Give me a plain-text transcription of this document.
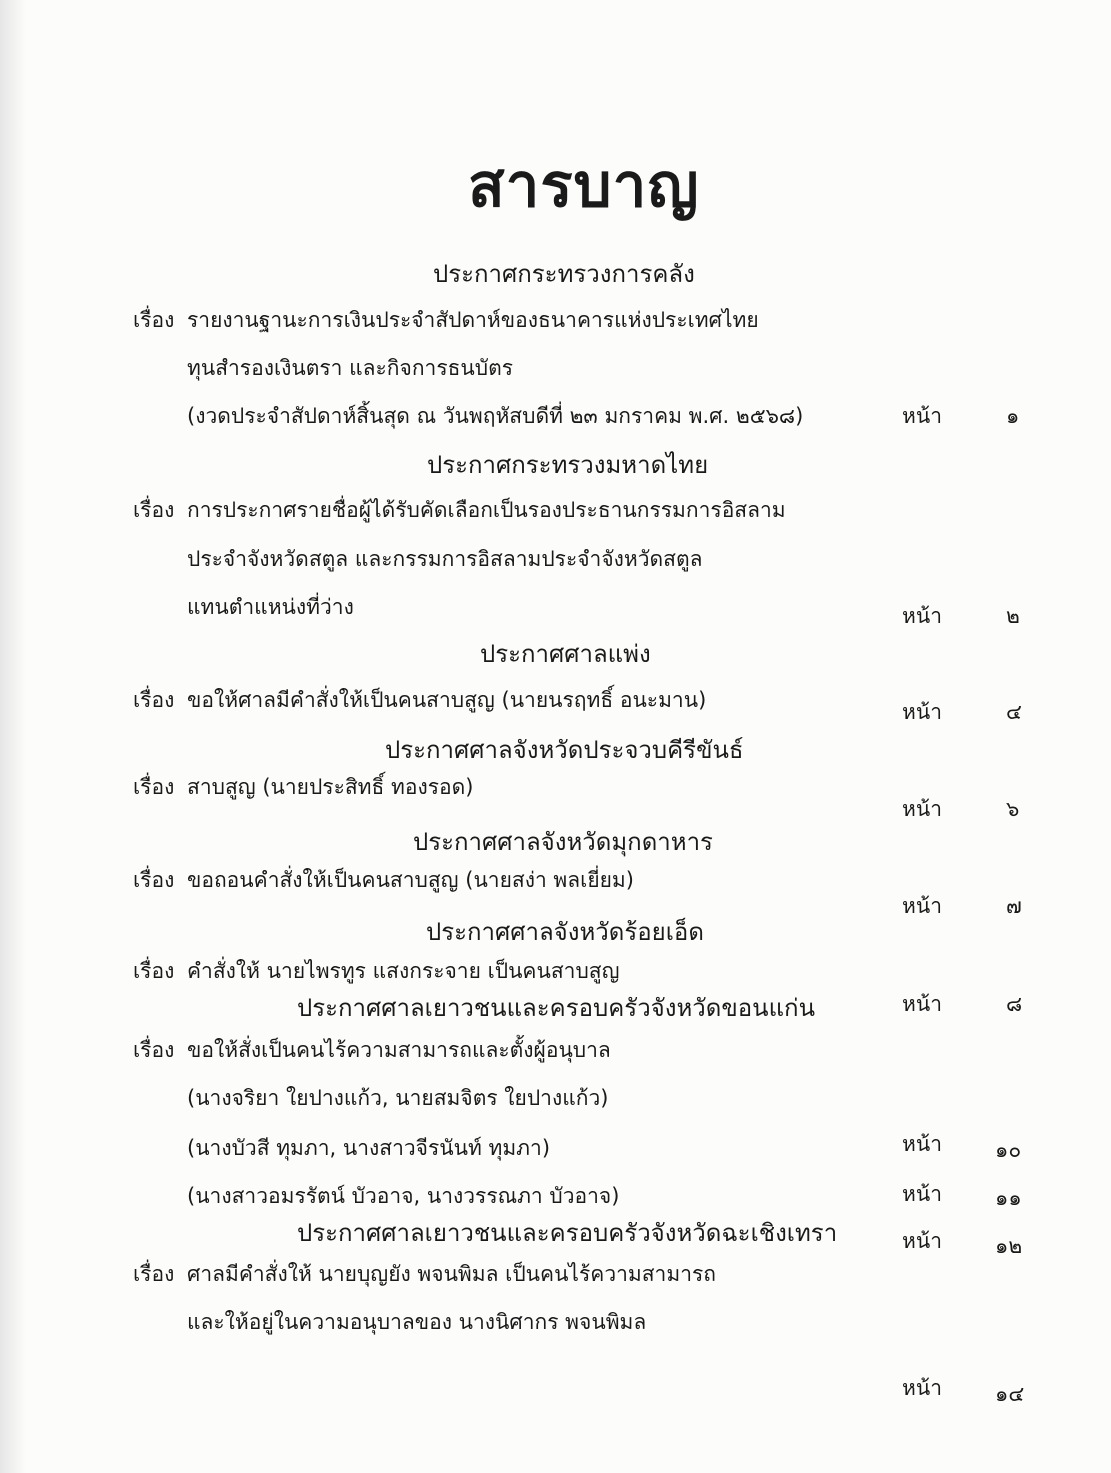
สารบาญ
ประกาศกระทรวงการคลัง
เรื่อง รายงานฐานะการเงินประจำสัปดาห์ของธนาคารแห่งประเทศไทย
ทุนสำรองเงินตรา และกิจการธนบัตร
(งวดประจำสัปดาห์สิ้นสุด ณ วันพฤหัสบดีที่ ๒๓ มกราคม พ.ศ. ๒๕๖๘)	หน้า	๑
ประกาศกระทรวงมหาดไทย
เรื่อง การประกาศรายชื่อผู้ได้รับคัดเลือกเป็นรองประธานกรรมการอิสลาม
ประจำจังหวัดสตูล และกรรมการอิสลามประจำจังหวัดสตูล
แทนตำแหน่งที่ว่าง	หน้า	๒
ประกาศศาลแพ่ง
เรื่อง ขอให้ศาลมีคำสั่งให้เป็นคนสาบสูญ (นายนรฤทธิ์ อนะมาน)	หน้า	๔
ประกาศศาลจังหวัดประจวบคีรีขันธ์
เรื่อง สาบสูญ (นายประสิทธิ์ ทองรอด)
หน้า	๖
ประกาศศาลจังหวัดมุกดาหาร
เรื่อง ขอถอนคำสั่งให้เป็นคนสาบสูญ (นายสง่า พลเยี่ยม)
หน้า	๗
ประกาศศาลจังหวัดร้อยเอ็ด
เรื่อง คำสั่งให้ นายไพรทูร แสงกระจาย เป็นคนสาบสูญ
หน้า	๘
ประกาศศาลเยาวชนและครอบครัวจังหวัดขอนแก่น
เรื่อง ขอให้สั่งเป็นคนไร้ความสามารถและตั้งผู้อนุบาล
(นางจริยา ใยปางแก้ว, นายสมจิตร ใยปางแก้ว)
(นางบัวสี ทุมภา, นางสาวจีรนันท์ ทุมภา)	หน้า	๑๐
(นางสาวอมรรัตน์ บัวอาจ, นางวรรณภา บัวอาจ)	หน้า	๑๑
หน้า	๑๒
ประกาศศาลเยาวชนและครอบครัวจังหวัดฉะเชิงเทรา
เรื่อง ศาลมีคำสั่งให้ นายบุญยัง พจนพิมล เป็นคนไร้ความสามารถ
และให้อยู่ในความอนุบาลของ นางนิศากร พจนพิมล
หน้า	๑๔
